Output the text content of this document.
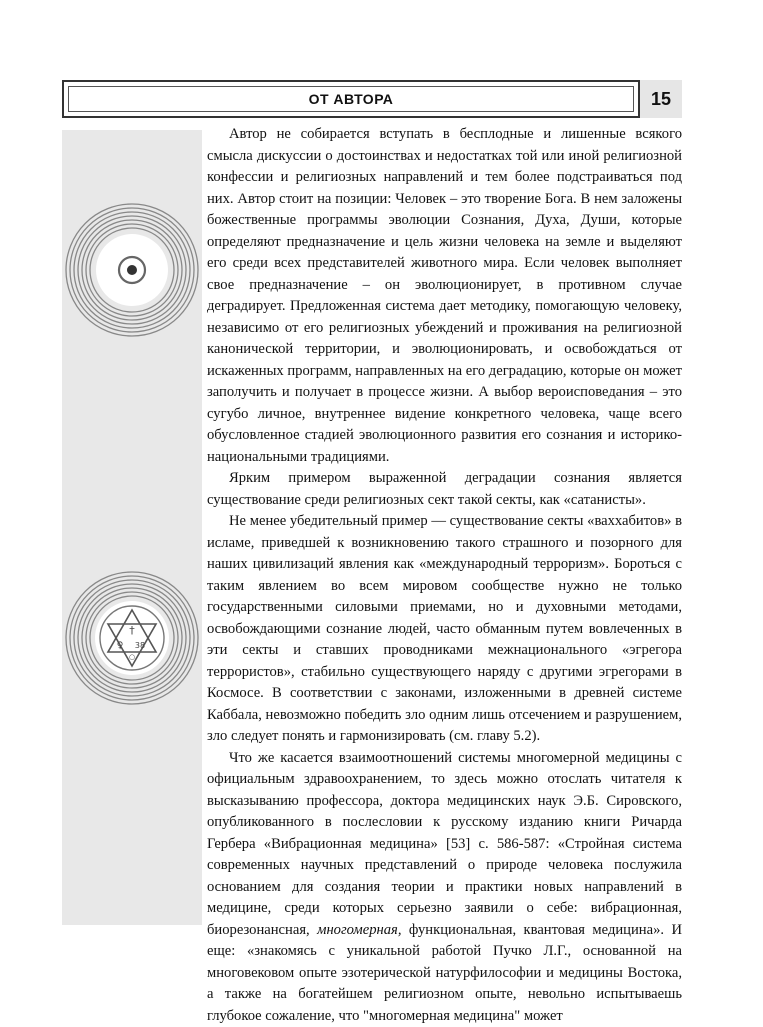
ОТ АВТОРА	15
†
♀ 38
○

Автор не собирается вступать в бесплодные и лишенные всякого смысла дискуссии о достоинствах и недостатках той или иной религиозной конфессии и религиозных направлений и тем более подстраиваться под них. Автор стоит на позиции: Человек – это творение Бога. В нем заложены божественные программы эволюции Сознания, Духа, Души, которые определяют предназначение и цель жизни человека на земле и выделяют его среди всех представителей животного мира. Если человек выполняет свое предназначение – он эволюционирует, в противном случае деградирует. Предложенная система дает методику, помогающую человеку, независимо от его религиозных убеждений и проживания на религиозной канонической территории, и эволюционировать, и освобождаться от искаженных программ, направленных на его деградацию, которые он может заполучить и получает в процессе жизни. А выбор вероисповедания – это сугубо личное, внутреннее видение конкретного человека, чаще всего обусловленное стадией эволюционного развития его сознания и историко-национальными традициями.

Ярким примером выраженной деградации сознания является существование среди религиозных сект такой секты, как «сатанисты».

Не менее убедительный пример — существование секты «ваххабитов» в исламе, приведшей к возникновению такого страшного и позорного для наших цивилизаций явления как «международный терроризм». Бороться с таким явлением во всем мировом сообществе нужно не только государственными силовыми приемами, но и духовными методами, освобождающими сознание людей, часто обманным путем вовлеченных в эти секты и ставших проводниками межнационального «эгрегора террористов», стабильно существующего наряду с другими эгрегорами в Космосе. В соответствии с законами, изложенными в древней системе Каббала, невозможно победить зло одним лишь отсечением и разрушением, зло следует понять и гармонизировать (см. главу 5.2).

Что же касается взаимоотношений системы многомерной медицины с официальным здравоохранением, то здесь можно отослать читателя к высказыванию профессора, доктора медицинских наук Э.Б. Сировского, опубликованного в послесловии к русскому изданию книги Ричарда Гербера «Вибрационная медицина» [53] с. 586-587: «Стройная система современных научных представлений о природе человека послужила основанием для создания теории и практики новых направлений в медицине, среди которых серьезно заявили о себе: вибрационная, биорезонансная, многомерная, функциональная, квантовая медицина». И еще: «знакомясь с уникальной работой Пучко Л.Г., основанной на многовековом опыте эзотерической натурфилософии и медицины Востока, а также на богатейшем религиозном опыте, невольно испытываешь глубокое сожаление, что "многомерная медицина" может
